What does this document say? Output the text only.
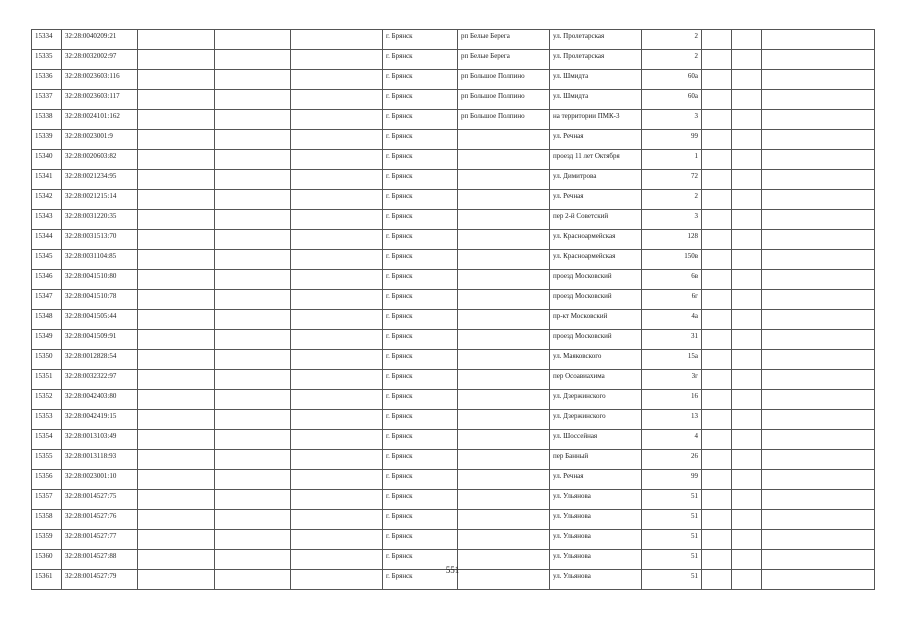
15334	32:28:0040209:21				г. Брянск	рп Белые Берега	ул. Пролетарская	2			
15335	32:28:0032002:97				г. Брянск	рп Белые Берега	ул. Пролетарская	2			
15336	32:28:0023603:116				г. Брянск	рп Большое Полпино	ул. Шмидта	60а			
15337	32:28:0023603:117				г. Брянск	рп Большое Полпино	ул. Шмидта	60а			
15338	32:28:0024101:162				г. Брянск	рп Большое Полпино	на территории ПМК-3	3			
15339	32:28:0023001:9				г. Брянск		ул. Речная	99			
15340	32:28:0020603:82				г. Брянск		проезд 11 лет Октября	1			
15341	32:28:0021234:95				г. Брянск		ул. Димитрова	72			
15342	32:28:0021215:14				г. Брянск		ул. Речная	2			
15343	32:28:0031220:35				г. Брянск		пер 2-й Советский	3			
15344	32:28:0031513:70				г. Брянск		ул. Красноармейская	128			
15345	32:28:0031104:85				г. Брянск		ул. Красноармейская	150в			
15346	32:28:0041510:80				г. Брянск		проезд Московский	6в			
15347	32:28:0041510:78				г. Брянск		проезд Московский	6г			
15348	32:28:0041505:44				г. Брянск		пр-кт Московский	4а			
15349	32:28:0041509:91				г. Брянск		проезд Московский	31			
15350	32:28:0012828:54				г. Брянск		ул. Маяковского	15а			
15351	32:28:0032322:97				г. Брянск		пер Осоавиахима	3г			
15352	32:28:0042403:80				г. Брянск		ул. Дзержинского	16			
15353	32:28:0042419:15				г. Брянск		ул. Дзержинского	13			
15354	32:28:0013103:49				г. Брянск		ул. Шоссейная	4			
15355	32:28:0013118:93				г. Брянск		пер Банный	26			
15356	32:28:0023001:10				г. Брянск		ул. Речная	99			
15357	32:28:0014527:75				г. Брянск		ул. Ульянова	51			
15358	32:28:0014527:76				г. Брянск		ул. Ульянова	51			
15359	32:28:0014527:77				г. Брянск		ул. Ульянова	51			
15360	32:28:0014527:88				г. Брянск		ул. Ульянова	51			
15361	32:28:0014527:79				г. Брянск		ул. Ульянова	51			
551
